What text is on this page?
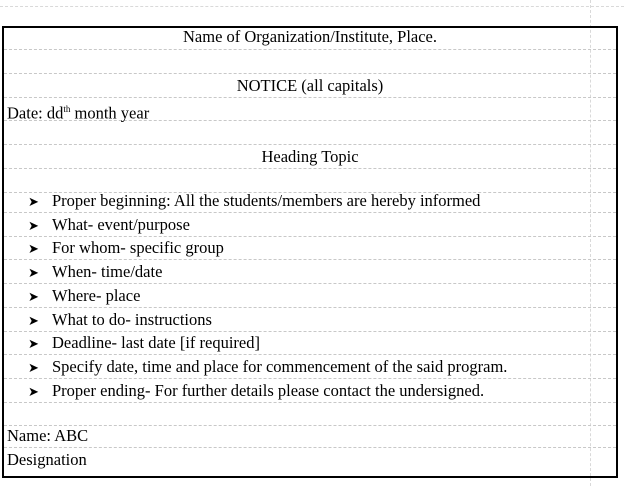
Name of Organization/Institute, Place.
NOTICE (all capitals)
Date: $dd^{th}$ month year
Heading Topic
➤ Proper beginning: All the students/members are hereby informed
➤ What- event/purpose
➤ For whom- specific group
➤ When- time/date
➤ Where- place
➤ What to do- instructions
➤ Deadline- last date [if required]
➤ Specify date, time and place for commencement of the said program.
➤ Proper ending- For further details please contact the undersigned.
Name: ABC
Designation
